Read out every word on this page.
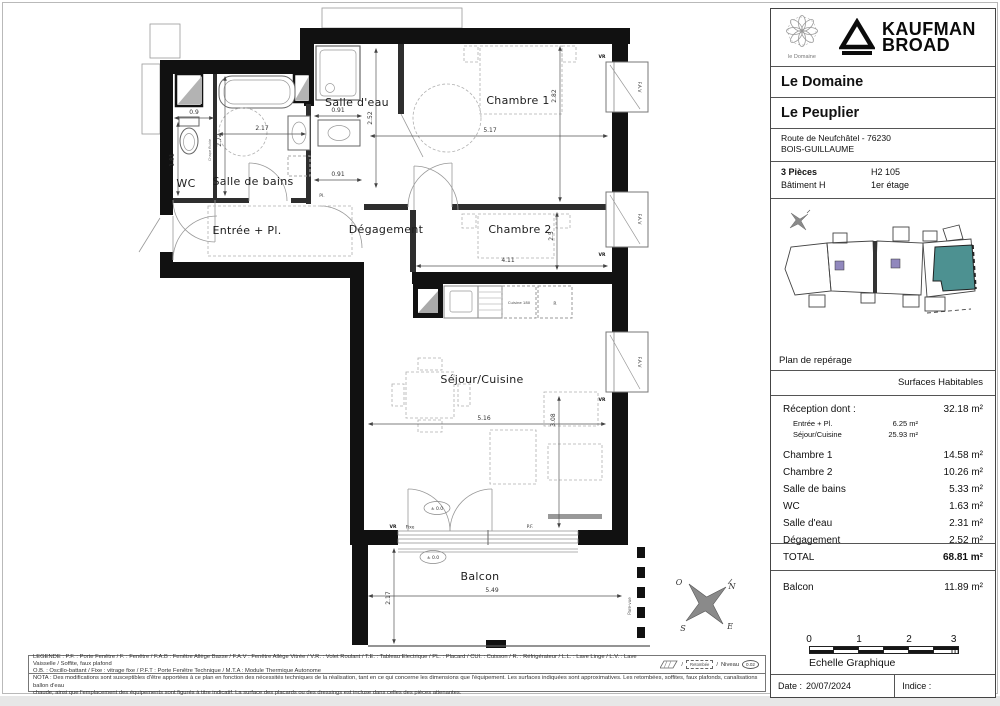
F.A.V
VR
F.A.V
VR
F.A.V
VR
VR Fixe	P.F.
Cuisine 180	R
Pare-vue
± 0.0
± 0.0
0.9
1.81
2.17
2.72
0.91
2.52
0.91
5.17
2.82
4.11
2.5
5.16	3.08
5.49
2.17
Salle d'eau
WC Salle de bains
Entrée + Pl.	Dégagement
Chambre 1
Chambre 2
Séjour/Cuisine
Balcon
Pl.
Chape fluide
O	N
S	E
LEGENDE : P.F. : Porte Fenêtre / F. : Fenêtre / F.A.B : Fenêtre Allège Basse / F.A.V : Fenêtre Allège Vitrée / V.R. : Volet Roulant / T.E. : Tableau Electrique / PL. : Placard / CUI. : Cuisson / R. : Réfrigérateur / L.L. : Lave Linge / L.V. : Lave Vaisselle / Soffite, faux plafond
O.B. : Oscillo-battant / Fixe : vitrage fixe / P.F.T : Porte Fenêtre Technique / M.T.A : Module Thermique Autonome
/	Retombée	/ Niveau	0.02
NOTA : Des modifications sont susceptibles d'être apportées à ce plan en fonction des nécessités techniques de la réalisation, tant en ce qui concerne les dimensions que l'équipement. Les surfaces indiquées sont approximatives. Les retombées, soffites, faux plafonds, canalisations ballon d'eau
chaude, ainsi que l'emplacement des équipements sont figurés à titre indicatif. La surface des placards ou des dressings est incluse dans celles des pièces attenantes.
le Domaine
KAUFMAN
BROAD
Le Domaine
Le Peuplier
Route de Neufchâtel - 76230
BOIS-GUILLAUME
3 Pièces	H2 105
Bâtiment H	1er étage
Plan de repérage
Surfaces Habitables
Réception dont :	32.18 m²
Entrée + Pl.	6.25 m²
Séjour/Cuisine	25.93 m²
Chambre 1	14.58 m²
Chambre 2	10.26 m²
Salle de bains	5.33 m²
WC	1.63 m²
Salle d'eau	2.31 m²
Dégagement	2.52 m²
TOTAL	68.81 m²
Balcon	11.89 m²
0	1	2	3 m
Echelle Graphique
Date : 20/07/2024	Indice :
